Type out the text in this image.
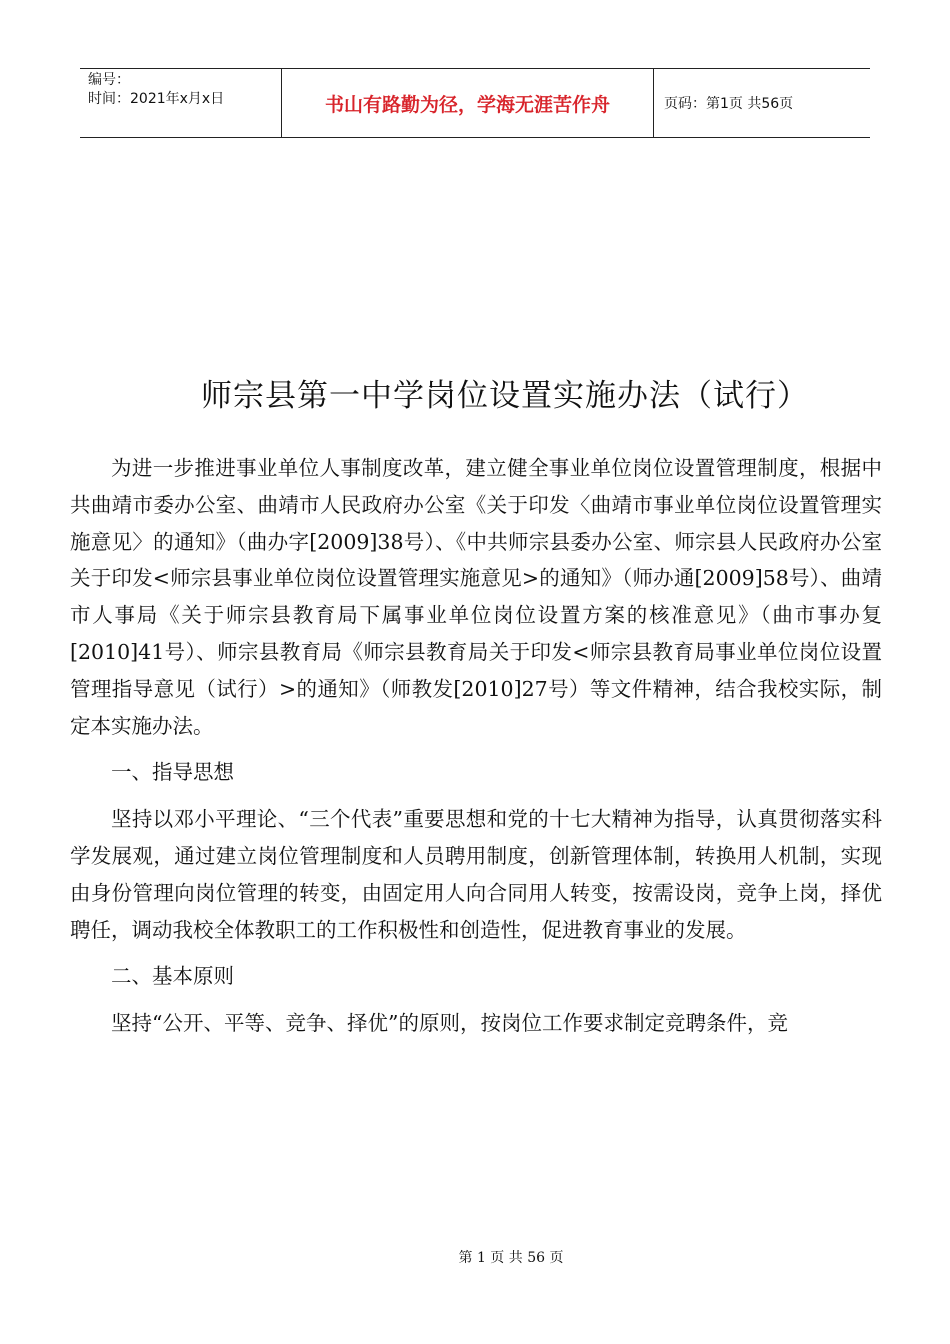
编号：
时间：2021年x月x日	书山有路勤为径，学海无涯苦作舟	页码：第1页 共56页
师宗县第一中学岗位设置实施办法（试行）

为进一步推进事业单位人事制度改革，建立健全事业单位岗位设置管理制度，根据中共曲靖市委办公室、曲靖市人民政府办公室《关于印发〈曲靖市事业单位岗位设置管理实施意见〉的通知》（曲办字[2009]38号）、《中共师宗县委办公室、师宗县人民政府办公室关于印发<师宗县事业单位岗位设置管理实施意见>的通知》（师办通[2009]58号）、曲靖市人事局《关于师宗县教育局下属事业单位岗位设置方案的核准意见》（曲市事办复[2010]41号）、师宗县教育局《师宗县教育局关于印发<师宗县教育局事业单位岗位设置管理指导意见（试行）>的通知》（师教发[2010]27号）等文件精神，结合我校实际，制定本实施办法。

一、指导思想

坚持以邓小平理论、“三个代表”重要思想和党的十七大精神为指导，认真贯彻落实科学发展观，通过建立岗位管理制度和人员聘用制度，创新管理体制，转换用人机制，实现由身份管理向岗位管理的转变，由固定用人向合同用人转变，按需设岗，竞争上岗，择优聘任，调动我校全体教职工的工作积极性和创造性，促进教育事业的发展。

二、基本原则

坚持“公开、平等、竞争、择优”的原则，按岗位工作要求制定竞聘条件，竞

第 1 页 共 56 页
